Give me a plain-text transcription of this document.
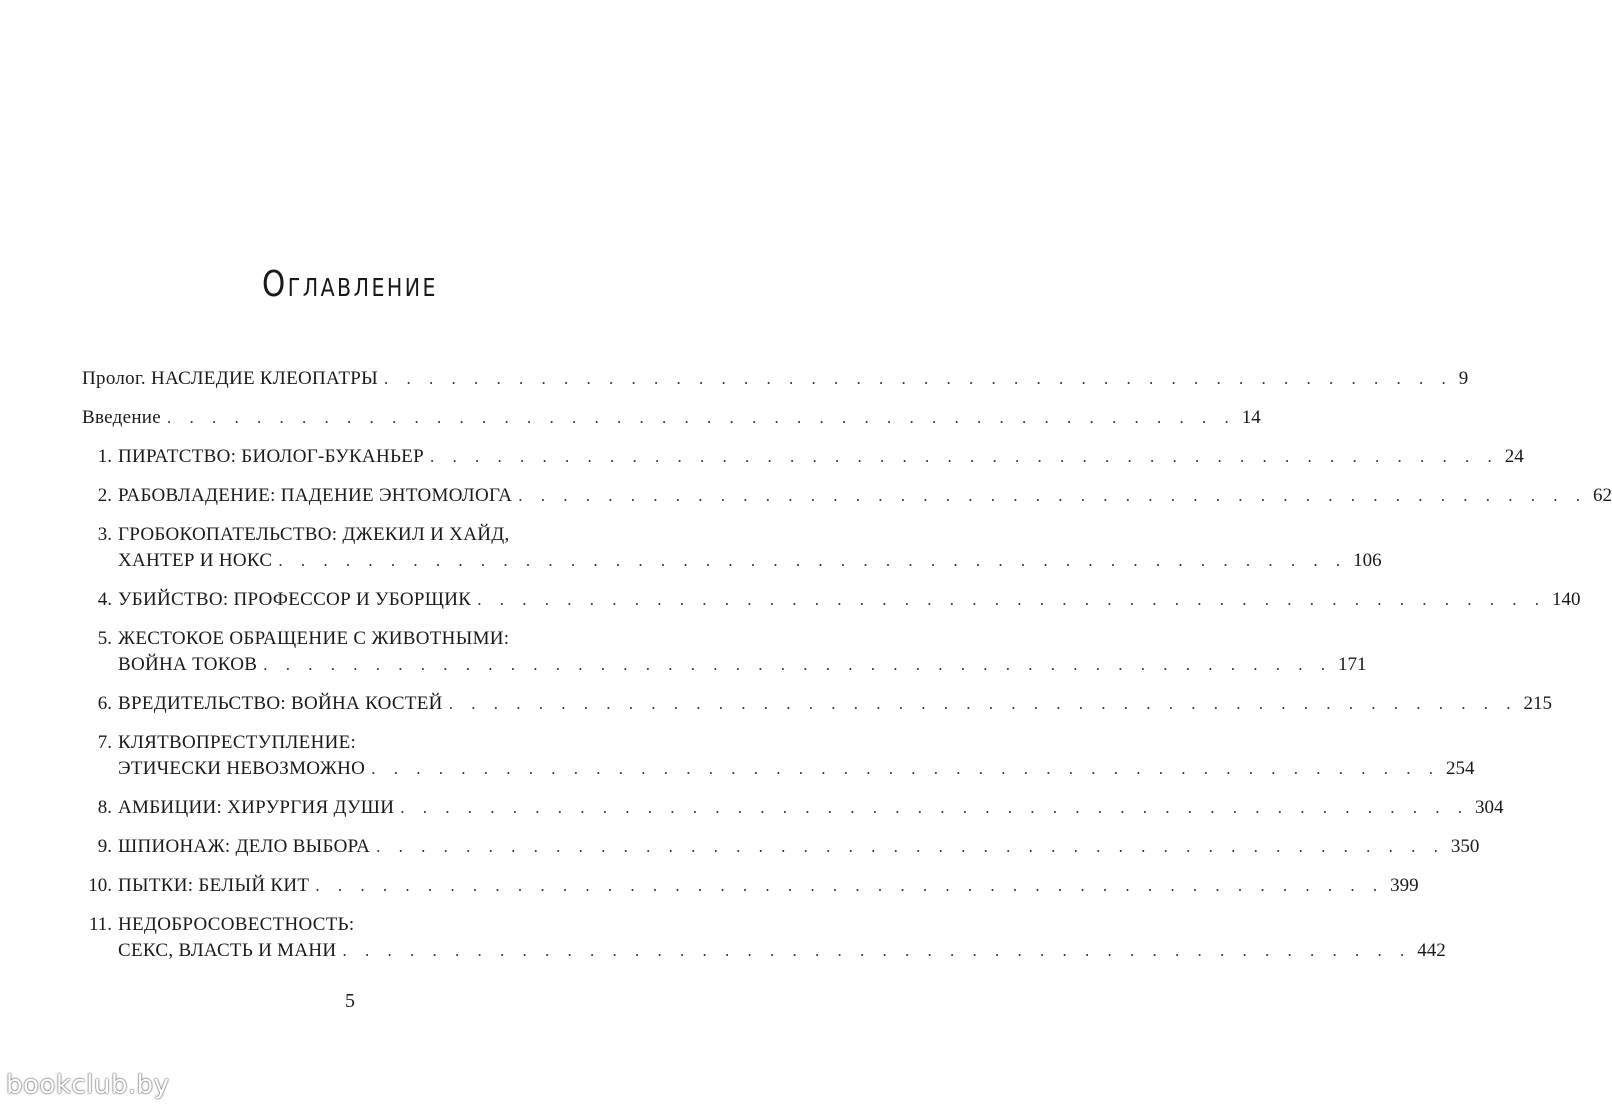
Оглавление
Пролог. НАСЛЕДИЕ КЛЕОПАТРЫ . . . . . . . . . . . . . . . . . . . . . . . . . . . . . . . . . . . . . . . . . . . . . . . . 9
Введение . . . . . . . . . . . . . . . . . . . . . . . . . . . . . . . . . . . . . . . . . . . . . . . . 14
1. ПИРАТСТВО: БИОЛОГ-БУКАНЬЕР . . . . . . . . . . . . . . . . . . . . . . . . . . . . . . . . . . . . . . . . . . . . . . . . 24
2. РАБОВЛАДЕНИЕ: ПАДЕНИЕ ЭНТОМОЛОГА . . . . . . . . . . . . . . . . . . . . . . . . . . . . . . . . . . . . . . . . . . . . . . . . 62
3. ГРОБОКОПАТЕЛЬСТВО: ДЖЕКИЛ И ХАЙД,
ХАНТЕР И НОКС . . . . . . . . . . . . . . . . . . . . . . . . . . . . . . . . . . . . . . . . . . . . . . . . 106
4. УБИЙСТВО: ПРОФЕССОР И УБОРЩИК . . . . . . . . . . . . . . . . . . . . . . . . . . . . . . . . . . . . . . . . . . . . . . . . 140
5. ЖЕСТОКОЕ ОБРАЩЕНИЕ С ЖИВОТНЫМИ:
ВОЙНА ТОКОВ . . . . . . . . . . . . . . . . . . . . . . . . . . . . . . . . . . . . . . . . . . . . . . . . 171
6. ВРЕДИТЕЛЬСТВО: ВОЙНА КОСТЕЙ . . . . . . . . . . . . . . . . . . . . . . . . . . . . . . . . . . . . . . . . . . . . . . . . 215
7. КЛЯТВОПРЕСТУПЛЕНИЕ:
ЭТИЧЕСКИ НЕВОЗМОЖНО . . . . . . . . . . . . . . . . . . . . . . . . . . . . . . . . . . . . . . . . . . . . . . . . 254
8. АМБИЦИИ: ХИРУРГИЯ ДУШИ . . . . . . . . . . . . . . . . . . . . . . . . . . . . . . . . . . . . . . . . . . . . . . . . 304
9. ШПИОНАЖ: ДЕЛО ВЫБОРА . . . . . . . . . . . . . . . . . . . . . . . . . . . . . . . . . . . . . . . . . . . . . . . . 350
10. ПЫТКИ: БЕЛЫЙ КИТ . . . . . . . . . . . . . . . . . . . . . . . . . . . . . . . . . . . . . . . . . . . . . . . . 399
11. НЕДОБРОСОВЕСТНОСТЬ:
СЕКС, ВЛАСТЬ И МАНИ . . . . . . . . . . . . . . . . . . . . . . . . . . . . . . . . . . . . . . . . . . . . . . . . 442
5
bookclub.by
